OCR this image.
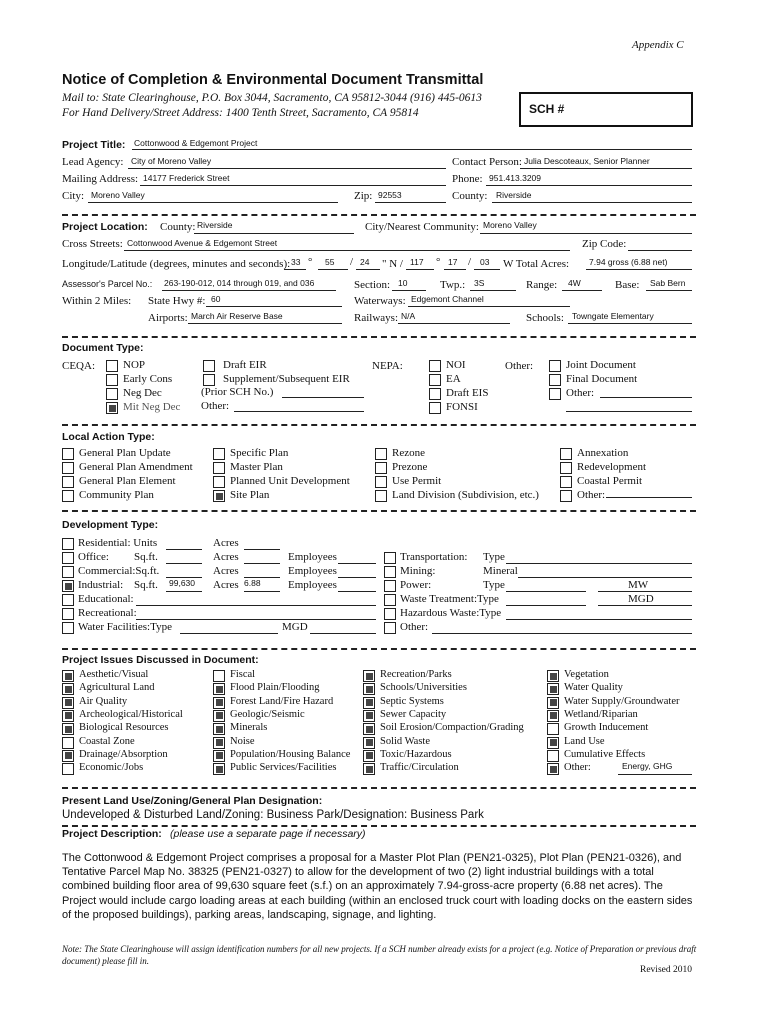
Appendix C
Notice of Completion & Environmental Document Transmittal
Mail to: State Clearinghouse, P.O. Box 3044, Sacramento, CA 95812-3044 (916) 445-0613
For Hand Delivery/Street Address: 1400 Tenth Street, Sacramento, CA 95814	SCH #
Project Title: Cottonwood & Edgemont Project
Lead Agency: City of Moreno Valley	Contact Person: Julia Descoteaux, Senior Planner
Mailing Address: 14177 Frederick Street	Phone: 951.413.3209
City: Moreno Valley	Zip: 92553	County: Riverside
Project Location: County: Riverside	City/Nearest Community: Moreno Valley
Cross Streets: Cottonwood Avenue & Edgemont Street	Zip Code:
Longitude/Latitude (degrees, minutes and seconds): 33 ° 55 / 24 " N / 117 ° 17 / 03 W Total Acres: 7.94 gross (6.88 net)
Assessor's Parcel No.: 263-190-012, 014 through 019, and 036	Section: 10	Twp.: 3S	Range: 4W	Base: Sab Bern
Within 2 Miles: State Hwy #: 60	Waterways: Edgemont Channel
Airports: March Air Reserve Base	Railways: N/A	Schools: Towngate Elementary
Document Type:
CEQA:	NOP
Early Cons
Neg Dec
Mit Neg Dec
Draft EIR
Supplement/Subsequent EIR
(Prior SCH No.)
Other:
NEPA:	NOI
EA
Draft EIS
FONSI
Other:	Joint Document
Final Document
Other:
Local Action Type:
General Plan Update
General Plan Amendment
General Plan Element
Community Plan
Specific Plan
Master Plan
Planned Unit Development
Site Plan
Rezone
Prezone
Use Permit
Land Division (Subdivision, etc.)
Annexation
Redevelopment
Coastal Permit
Other:
Development Type:
Residential: Units	Acres
Office: Sq.ft.	Acres	Employees
Commercial:Sq.ft.	Acres	Employees
Industrial: Sq.ft. 99,630 Acres 6.88 Employees
Educational:
Recreational:
Water Facilities:Type	MGD
Transportation: Type
Mining:	Mineral
Power:	Type	MW
Waste Treatment:Type	MGD
Hazardous Waste:Type
Other:
Project Issues Discussed in Document:
Aesthetic/Visual
Agricultural Land
Air Quality
Archeological/Historical
Biological Resources
Coastal Zone
Drainage/Absorption
Economic/Jobs
Fiscal
Flood Plain/Flooding
Forest Land/Fire Hazard
Geologic/Seismic
Minerals
Noise
Population/Housing Balance
Public Services/Facilities
Recreation/Parks
Schools/Universities
Septic Systems
Sewer Capacity
Soil Erosion/Compaction/Grading
Solid Waste
Toxic/Hazardous
Traffic/Circulation
Vegetation
Water Quality
Water Supply/Groundwater
Wetland/Riparian
Growth Inducement
Land Use
Cumulative Effects
Other:	Energy, GHG
Present Land Use/Zoning/General Plan Designation:
Undeveloped & Disturbed Land/Zoning: Business Park/Designation: Business Park
Project Description: (please use a separate page if necessary)
The Cottonwood & Edgemont Project comprises a proposal for a Master Plot Plan (PEN21-0325), Plot Plan (PEN21-0326), and Tentative Parcel Map No. 38325 (PEN21-0327) to allow for the development of two (2) light industrial buildings with a total combined building floor area of 99,630 square feet (s.f.) on an approximately 7.94-gross-acre property (6.88 net acres). The Project would include cargo loading areas at each building (within an enclosed truck court with loading docks on the eastern sides of the proposed buildings), parking areas, landscaping, signage, and lighting.
Note: The State Clearinghouse will assign identification numbers for all new projects. If a SCH number already exists for a project (e.g. Notice of Preparation or previous draft document) please fill in.
Revised 2010
